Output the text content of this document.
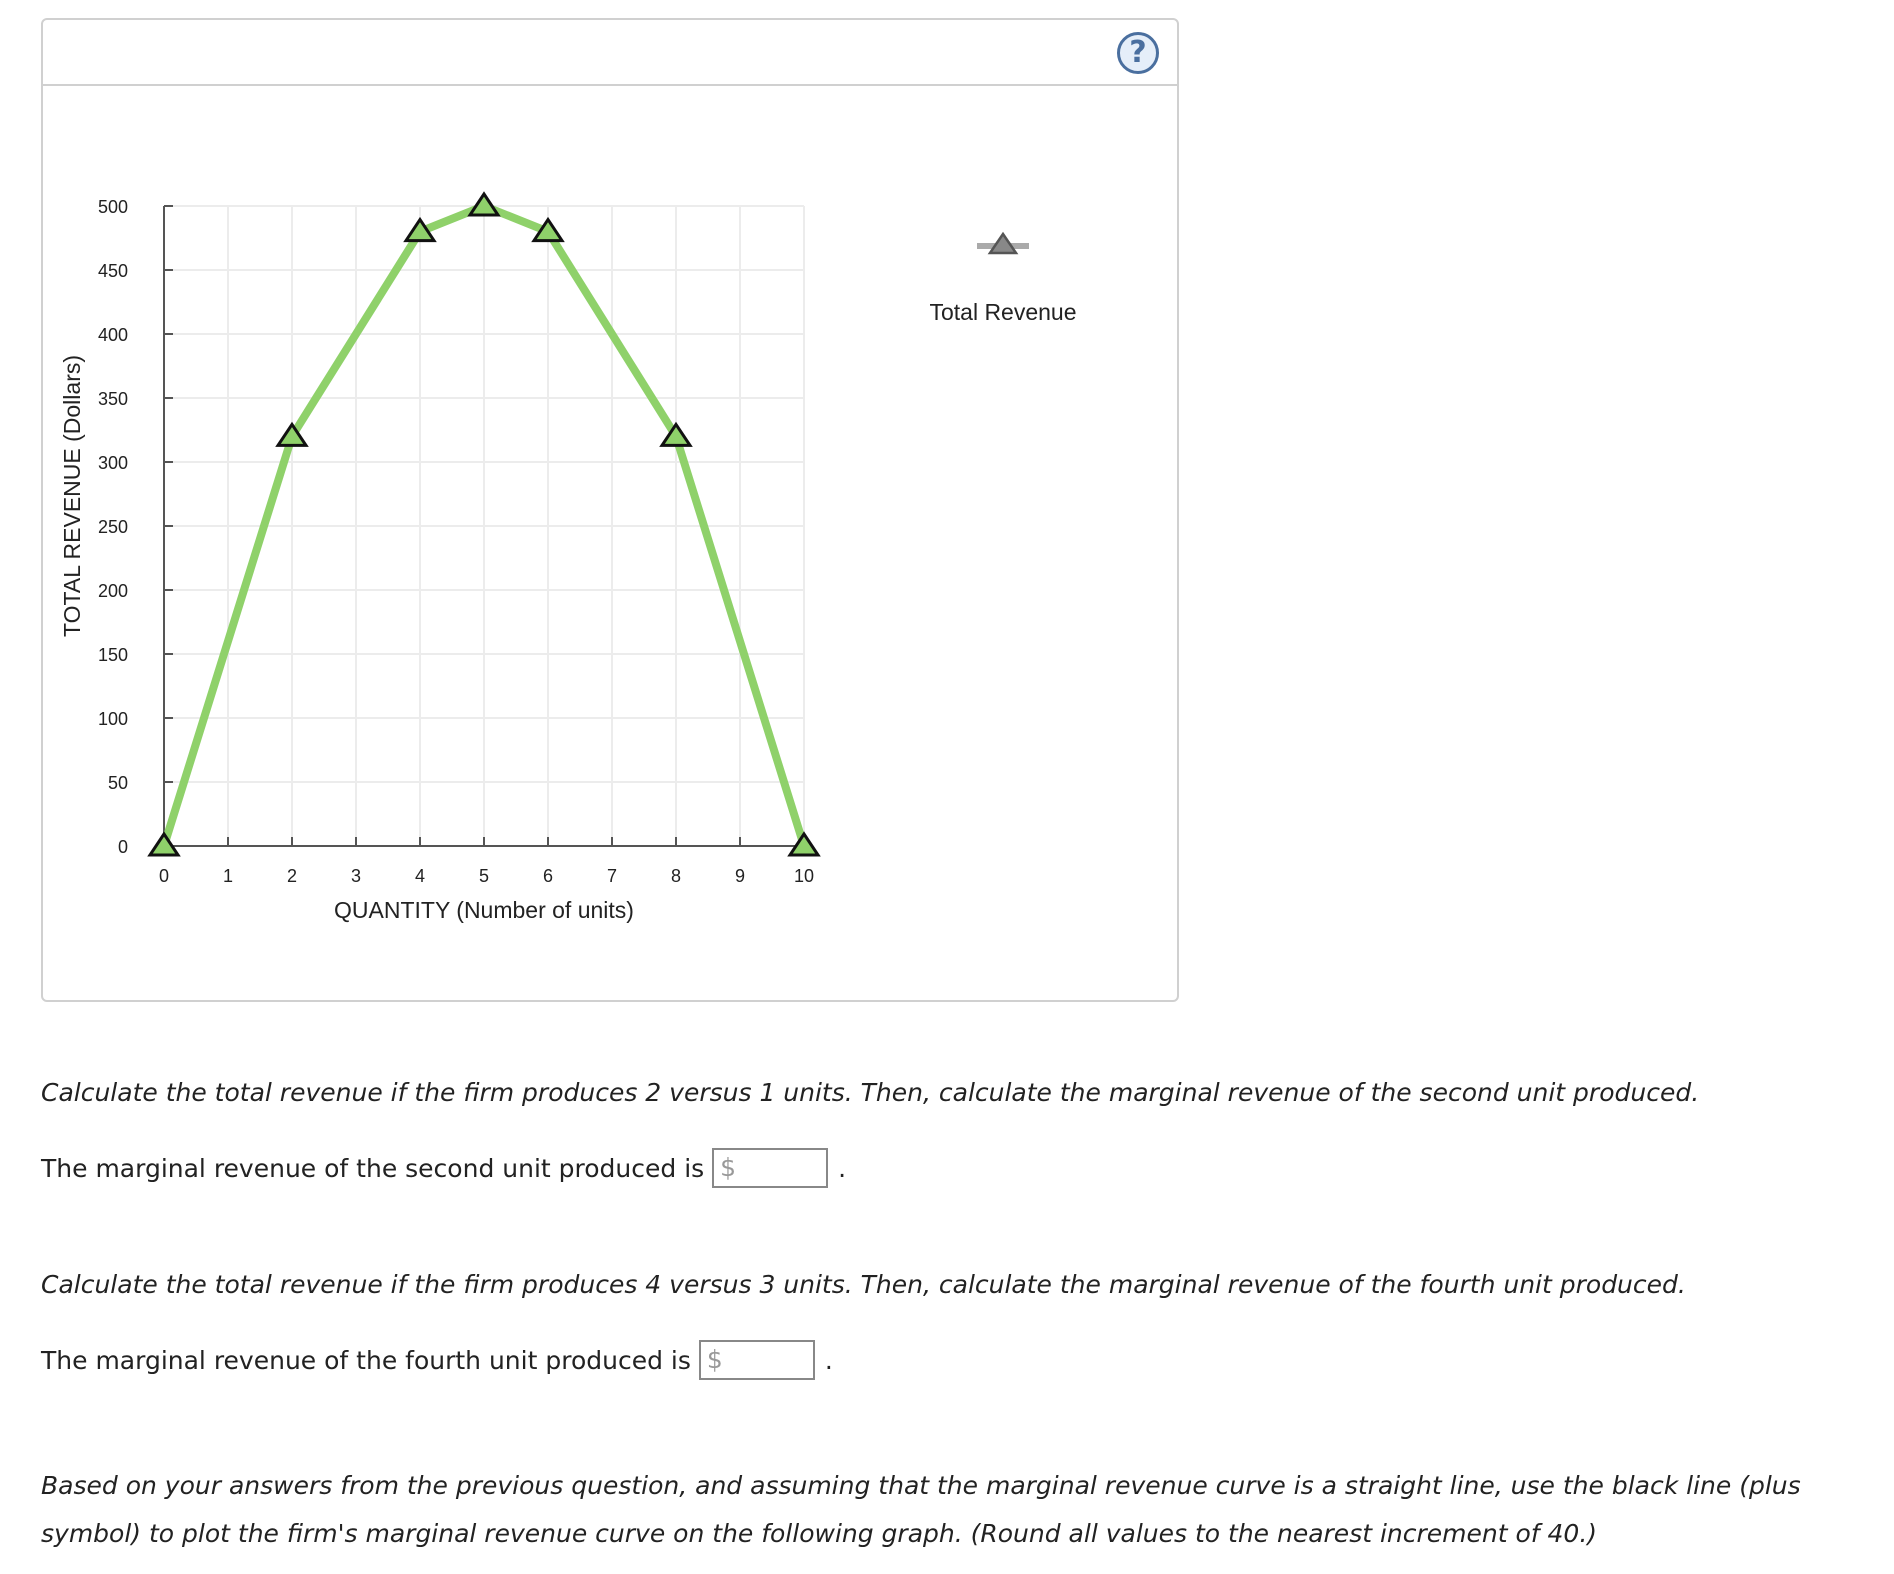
?
0
50
100
150
200
250
300
350
400
450
500
0	1	2	3	4	5	6	7	8	9	10
QUANTITY (Number of units)
TOTAL REVENUE (Dollars)
Total Revenue
Calculate the total revenue if the firm produces 2 versus 1 units. Then, calculate the marginal revenue of the second unit produced.
The marginal revenue of the second unit produced is $	.
Calculate the total revenue if the firm produces 4 versus 3 units. Then, calculate the marginal revenue of the fourth unit produced.
The marginal revenue of the fourth unit produced is $	.
Based on your answers from the previous question, and assuming that the marginal revenue curve is a straight line, use the black line (plus symbol) to plot the firm's marginal revenue curve on the following graph. (Round all values to the nearest increment of 40.)
